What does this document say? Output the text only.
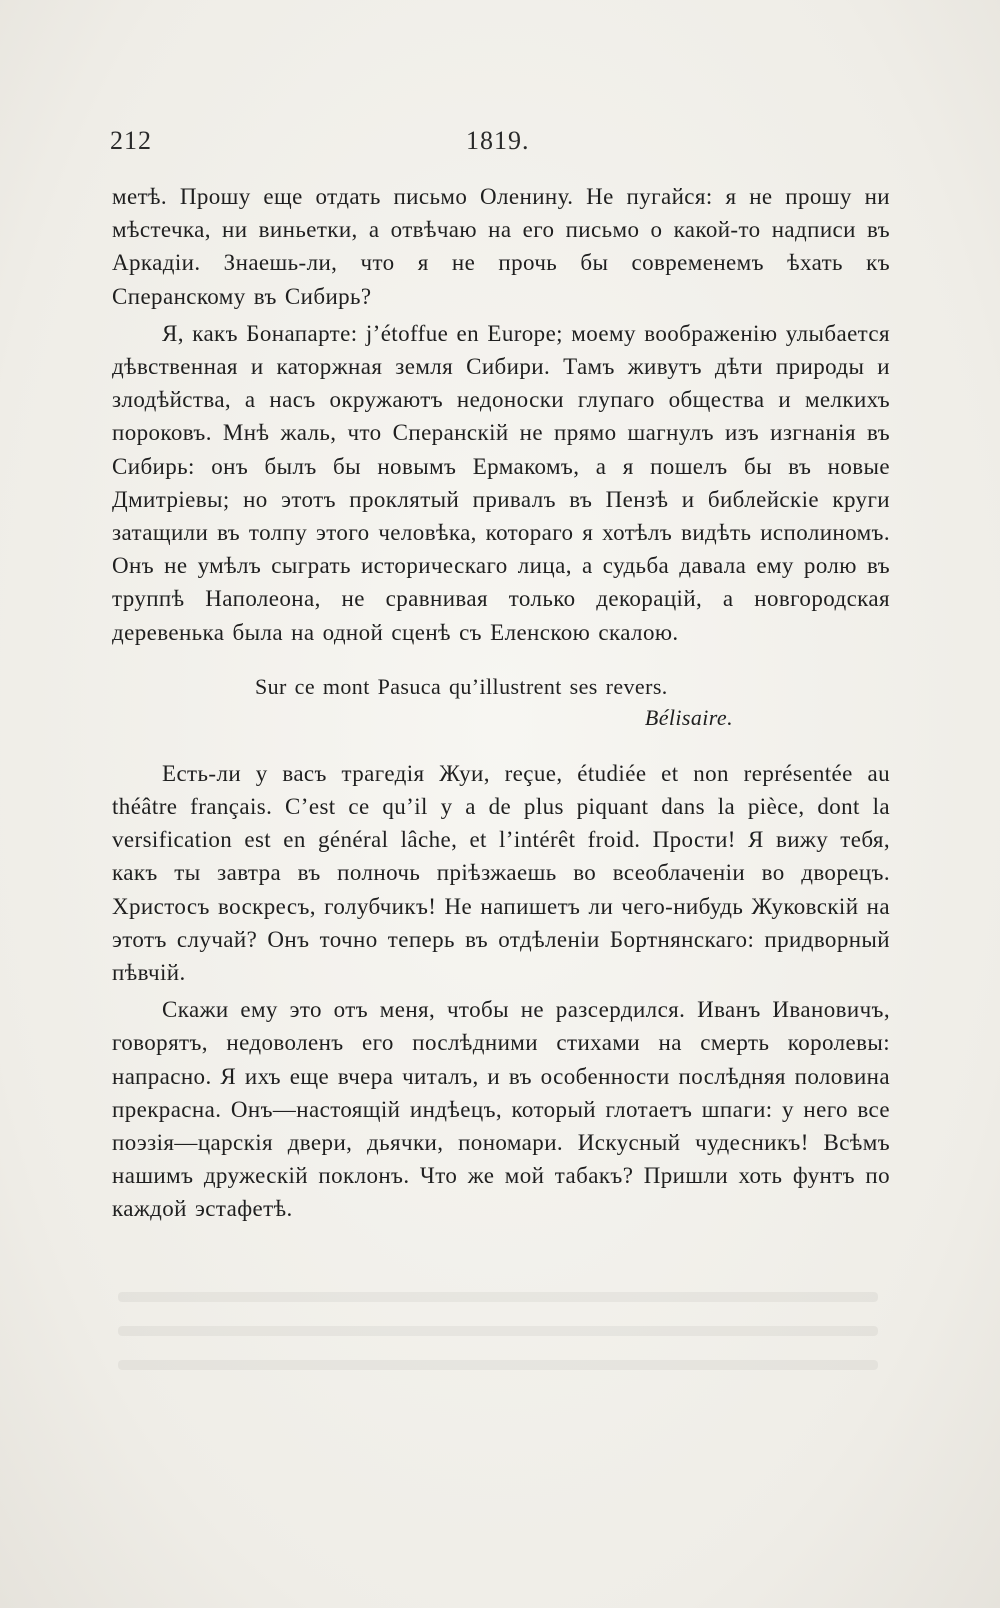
212	1819.

метѣ. Прошу еще отдать письмо Оленину. Не пугайся: я не прошу ни мѣстечка, ни виньетки, а отвѣчаю на его письмо о какой-то надписи въ Аркадіи. Знаешь-ли, что я не прочь бы современемъ ѣхать къ Сперанскому въ Сибирь?

Я, какъ Бонапарте: j’étoffue en Europe; моему воображенію улыбается дѣвственная и каторжная земля Сибири. Тамъ живутъ дѣти природы и злодѣйства, а насъ окружаютъ недоноски глупаго общества и мелкихъ пороковъ. Мнѣ жаль, что Сперанскій не прямо шагнулъ изъ изгнанія въ Сибирь: онъ былъ бы новымъ Ермакомъ, а я пошелъ бы въ новые Дмитріевы; но этотъ проклятый привалъ въ Пензѣ и библейскіе круги затащили въ толпу этого человѣка, котораго я хотѣлъ видѣть исполиномъ. Онъ не умѣлъ сыграть историческаго лица, а судьба давала ему ролю въ труппѣ Наполеона, не сравнивая только декорацій, а новгородская деревенька была на одной сценѣ съ Еленскою скалою.

Sur ce mont Pasuca qu’illustrent ses revers.
Bélisaire.

Есть-ли у васъ трагедія Жуи, reçue, étudiée et non représentée au théâtre français. C’est ce qu’il y a de plus piquant dans la pièce, dont la versification est en général lâche, et l’intérêt froid. Прости! Я вижу тебя, какъ ты завтра въ полночь пріѣзжаешь во всеоблаченіи во дворецъ. Христосъ воскресъ, голубчикъ! Не напишетъ ли чего-нибудь Жуковскій на этотъ случай? Онъ точно теперь въ отдѣленіи Бортнянскаго: придворный пѣвчій.

Скажи ему это отъ меня, чтобы не разсердился. Иванъ Ивановичъ, говорятъ, недоволенъ его послѣдними стихами на смерть королевы: напрасно. Я ихъ еще вчера читалъ, и въ особенности послѣдняя половина прекрасна. Онъ—настоящій индѣецъ, который глотаетъ шпаги: у него все поэзія—царскія двери, дьячки, пономари. Искусный чудесникъ! Всѣмъ нашимъ дружескій поклонъ. Что же мой табакъ? Пришли хоть фунтъ по каждой эстафетѣ.
